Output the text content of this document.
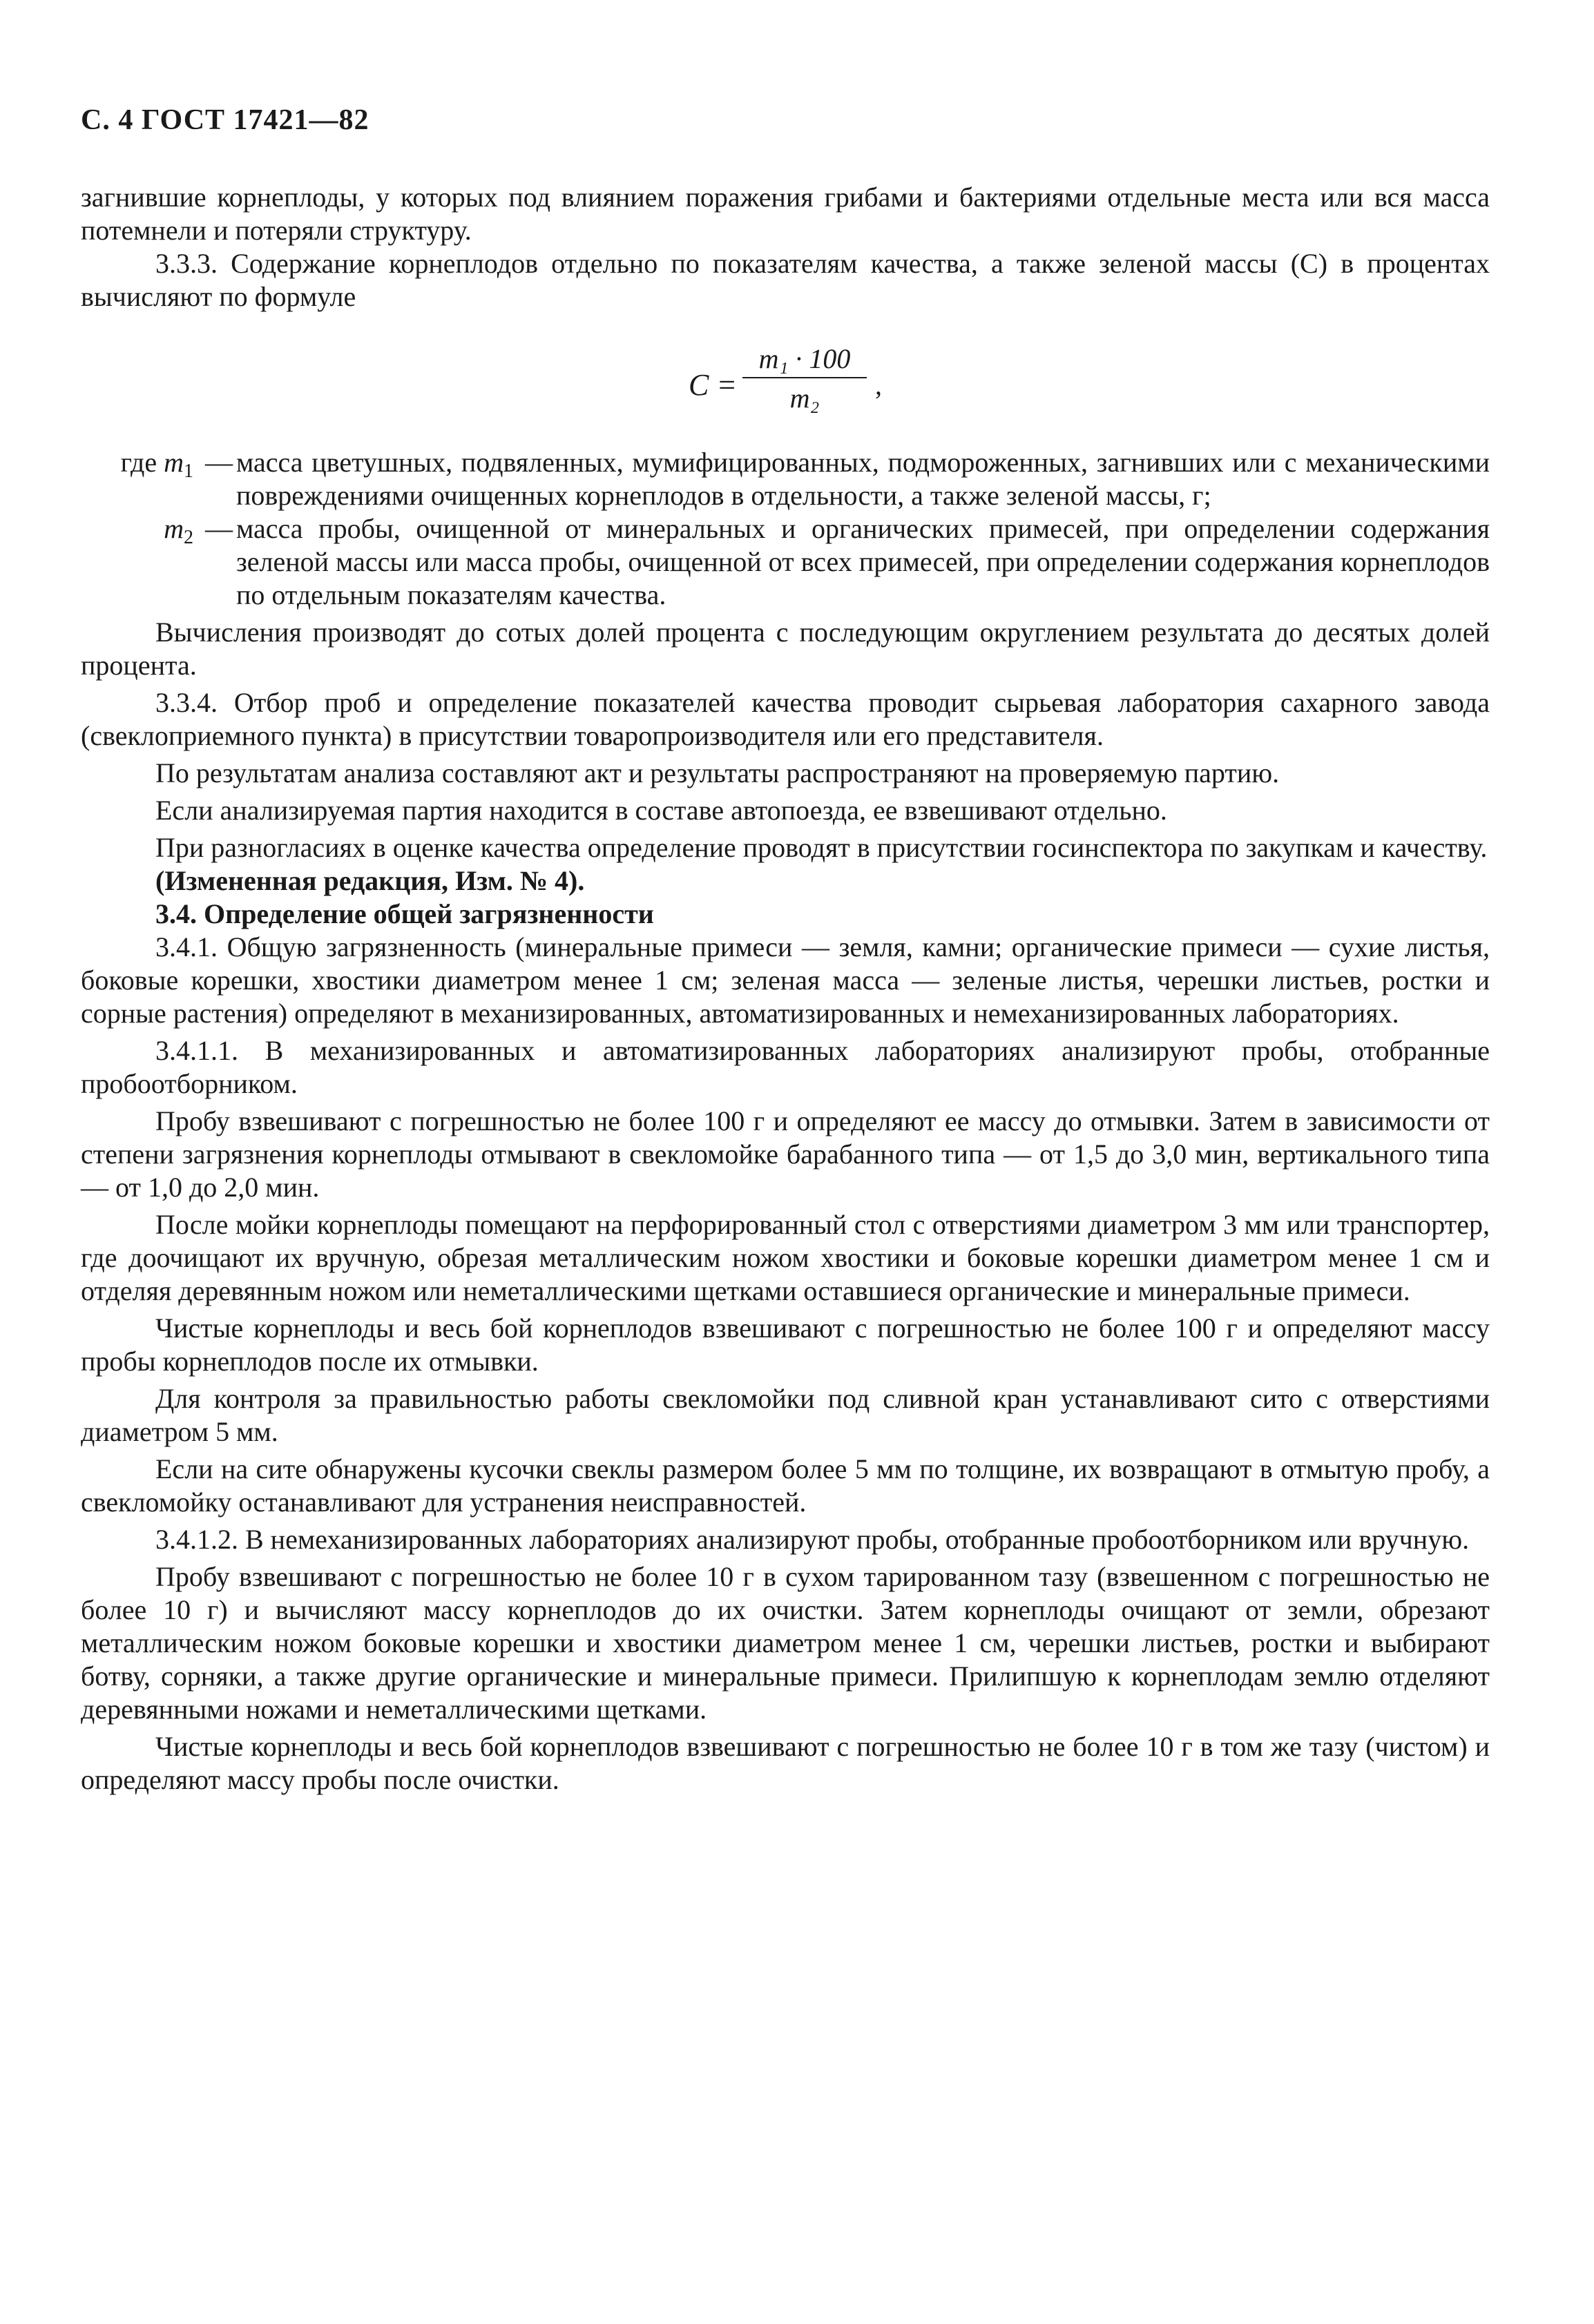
С. 4 ГОСТ 17421—82

загнившие корнеплоды, у которых под влиянием поражения грибами и бактериями отдельные места или вся масса потемнели и потеряли структуру.

3.3.3. Содержание корнеплодов отдельно по показателям качества, а также зеленой массы (С) в процентах вычисляют по формуле

$C = \frac{\text{m₁ · 100}}{\text{m₂}}$ ,
где $m_1$ — масса цветушных, подвяленных, мумифицированных, подмороженных, загнивших или с механическими повреждениями очищенных корнеплодов в отдельности, а также зеленой массы, г;
$m_2$ — масса пробы, очищенной от минеральных и органических примесей, при определении содержания зеленой массы или масса пробы, очищенной от всех примесей, при определении содержания корнеплодов по отдельным показателям качества.

Вычисления производят до сотых долей процента с последующим округлением результата до десятых долей процента.

3.3.4. Отбор проб и определение показателей качества проводит сырьевая лаборатория сахарного завода (свеклоприемного пункта) в присутствии товаропроизводителя или его представителя.

По результатам анализа составляют акт и результаты распространяют на проверяемую партию.

Если анализируемая партия находится в составе автопоезда, ее взвешивают отдельно.

При разногласиях в оценке качества определение проводят в присутствии госинспектора по закупкам и качеству.

(Измененная редакция, Изм. № 4).

3.4. Определение общей загрязненности

3.4.1. Общую загрязненность (минеральные примеси — земля, камни; органические примеси — сухие листья, боковые корешки, хвостики диаметром менее 1 см; зеленая масса — зеленые листья, черешки листьев, ростки и сорные растения) определяют в механизированных, автоматизированных и немеханизированных лабораториях.

3.4.1.1. В механизированных и автоматизированных лабораториях анализируют пробы, отобранные пробоотборником.

Пробу взвешивают с погрешностью не более 100 г и определяют ее массу до отмывки. Затем в зависимости от степени загрязнения корнеплоды отмывают в свекломойке барабанного типа — от 1,5 до 3,0 мин, вертикального типа — от 1,0 до 2,0 мин.

После мойки корнеплоды помещают на перфорированный стол с отверстиями диаметром 3 мм или транспортер, где доочищают их вручную, обрезая металлическим ножом хвостики и боковые корешки диаметром менее 1 см и отделяя деревянным ножом или неметаллическими щетками оставшиеся органические и минеральные примеси.

Чистые корнеплоды и весь бой корнеплодов взвешивают с погрешностью не более 100 г и определяют массу пробы корнеплодов после их отмывки.

Для контроля за правильностью работы свекломойки под сливной кран устанавливают сито с отверстиями диаметром 5 мм.

Если на сите обнаружены кусочки свеклы размером более 5 мм по толщине, их возвращают в отмытую пробу, а свекломойку останавливают для устранения неисправностей.

3.4.1.2. В немеханизированных лабораториях анализируют пробы, отобранные пробоотборником или вручную.

Пробу взвешивают с погрешностью не более 10 г в сухом тарированном тазу (взвешенном с погрешностью не более 10 г) и вычисляют массу корнеплодов до их очистки. Затем корнеплоды очищают от земли, обрезают металлическим ножом боковые корешки и хвостики диаметром менее 1 см, черешки листьев, ростки и выбирают ботву, сорняки, а также другие органические и минеральные примеси. Прилипшую к корнеплодам землю отделяют деревянными ножами и неметаллическими щетками.

Чистые корнеплоды и весь бой корнеплодов взвешивают с погрешностью не более 10 г в том же тазу (чистом) и определяют массу пробы после очистки.
